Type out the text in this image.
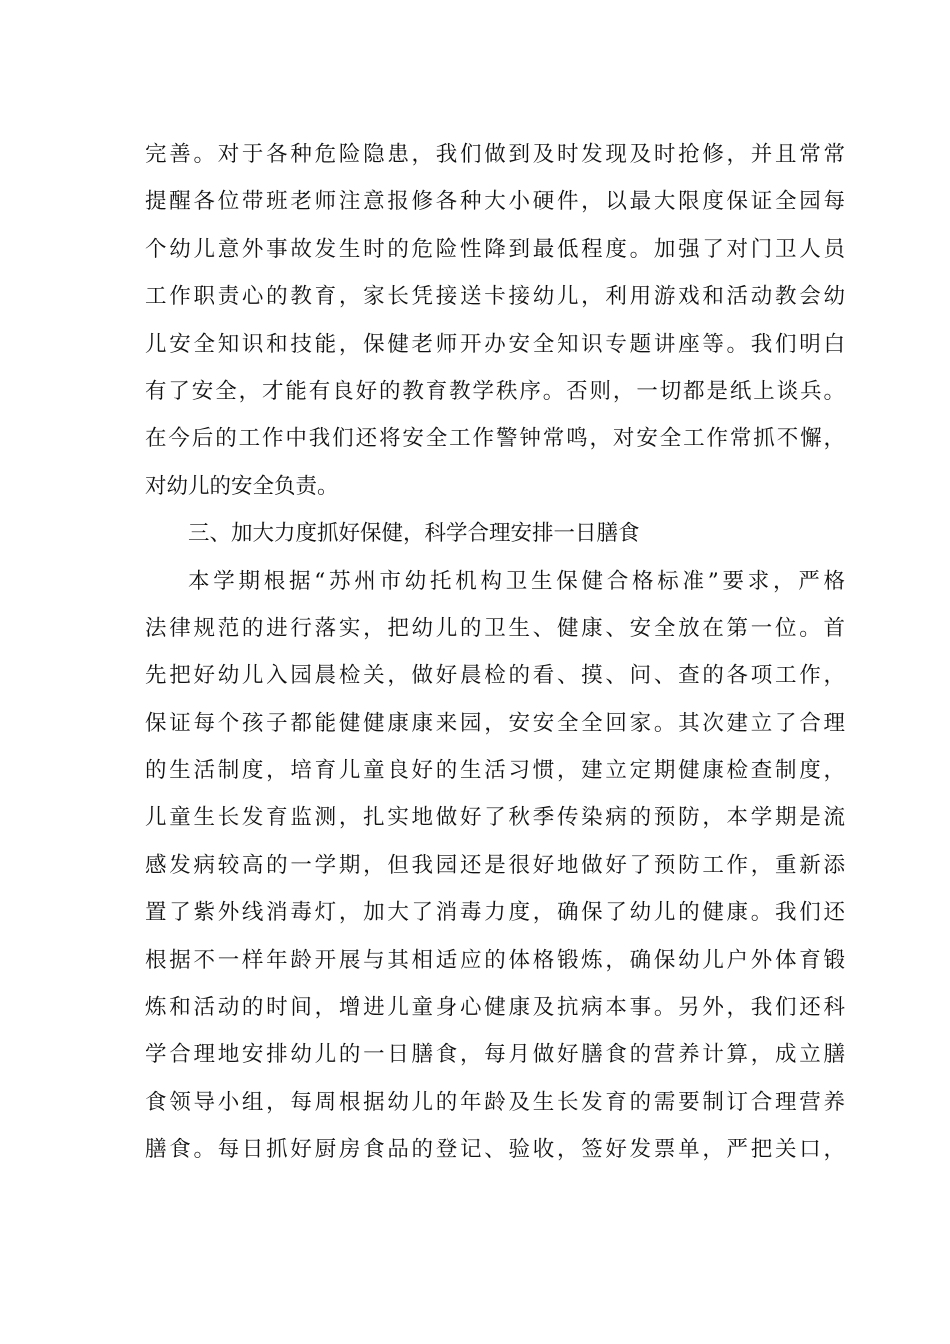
完善。对于各种危险隐患，我们做到及时发现及时抢修，并且常常
提醒各位带班老师注意报修各种大小硬件，以最大限度保证全园每
个幼儿意外事故发生时的危险性降到最低程度。加强了对门卫人员
工作职责心的教育，家长凭接送卡接幼儿，利用游戏和活动教会幼
儿安全知识和技能，保健老师开办安全知识专题讲座等。我们明白
有了安全，才能有良好的教育教学秩序。否则，一切都是纸上谈兵。
在今后的工作中我们还将安全工作警钟常鸣，对安全工作常抓不懈，
对幼儿的安全负责。
三、加大力度抓好保健，科学合理安排一日膳食
本学期根据“苏州市幼托机构卫生保健合格标准”要求，严格
法律规范的进行落实，把幼儿的卫生、健康、安全放在第一位。首
先把好幼儿入园晨检关，做好晨检的看、摸、问、查的各项工作，
保证每个孩子都能健健康康来园，安安全全回家。其次建立了合理
的生活制度，培育儿童良好的生活习惯，建立定期健康检查制度，
儿童生长发育监测，扎实地做好了秋季传染病的预防，本学期是流
感发病较高的一学期，但我园还是很好地做好了预防工作，重新添
置了紫外线消毒灯，加大了消毒力度，确保了幼儿的健康。我们还
根据不一样年龄开展与其相适应的体格锻炼，确保幼儿户外体育锻
炼和活动的时间，增进儿童身心健康及抗病本事。另外，我们还科
学合理地安排幼儿的一日膳食，每月做好膳食的营养计算，成立膳
食领导小组，每周根据幼儿的年龄及生长发育的需要制订合理营养
膳食。每日抓好厨房食品的登记、验收，签好发票单，严把关口，
